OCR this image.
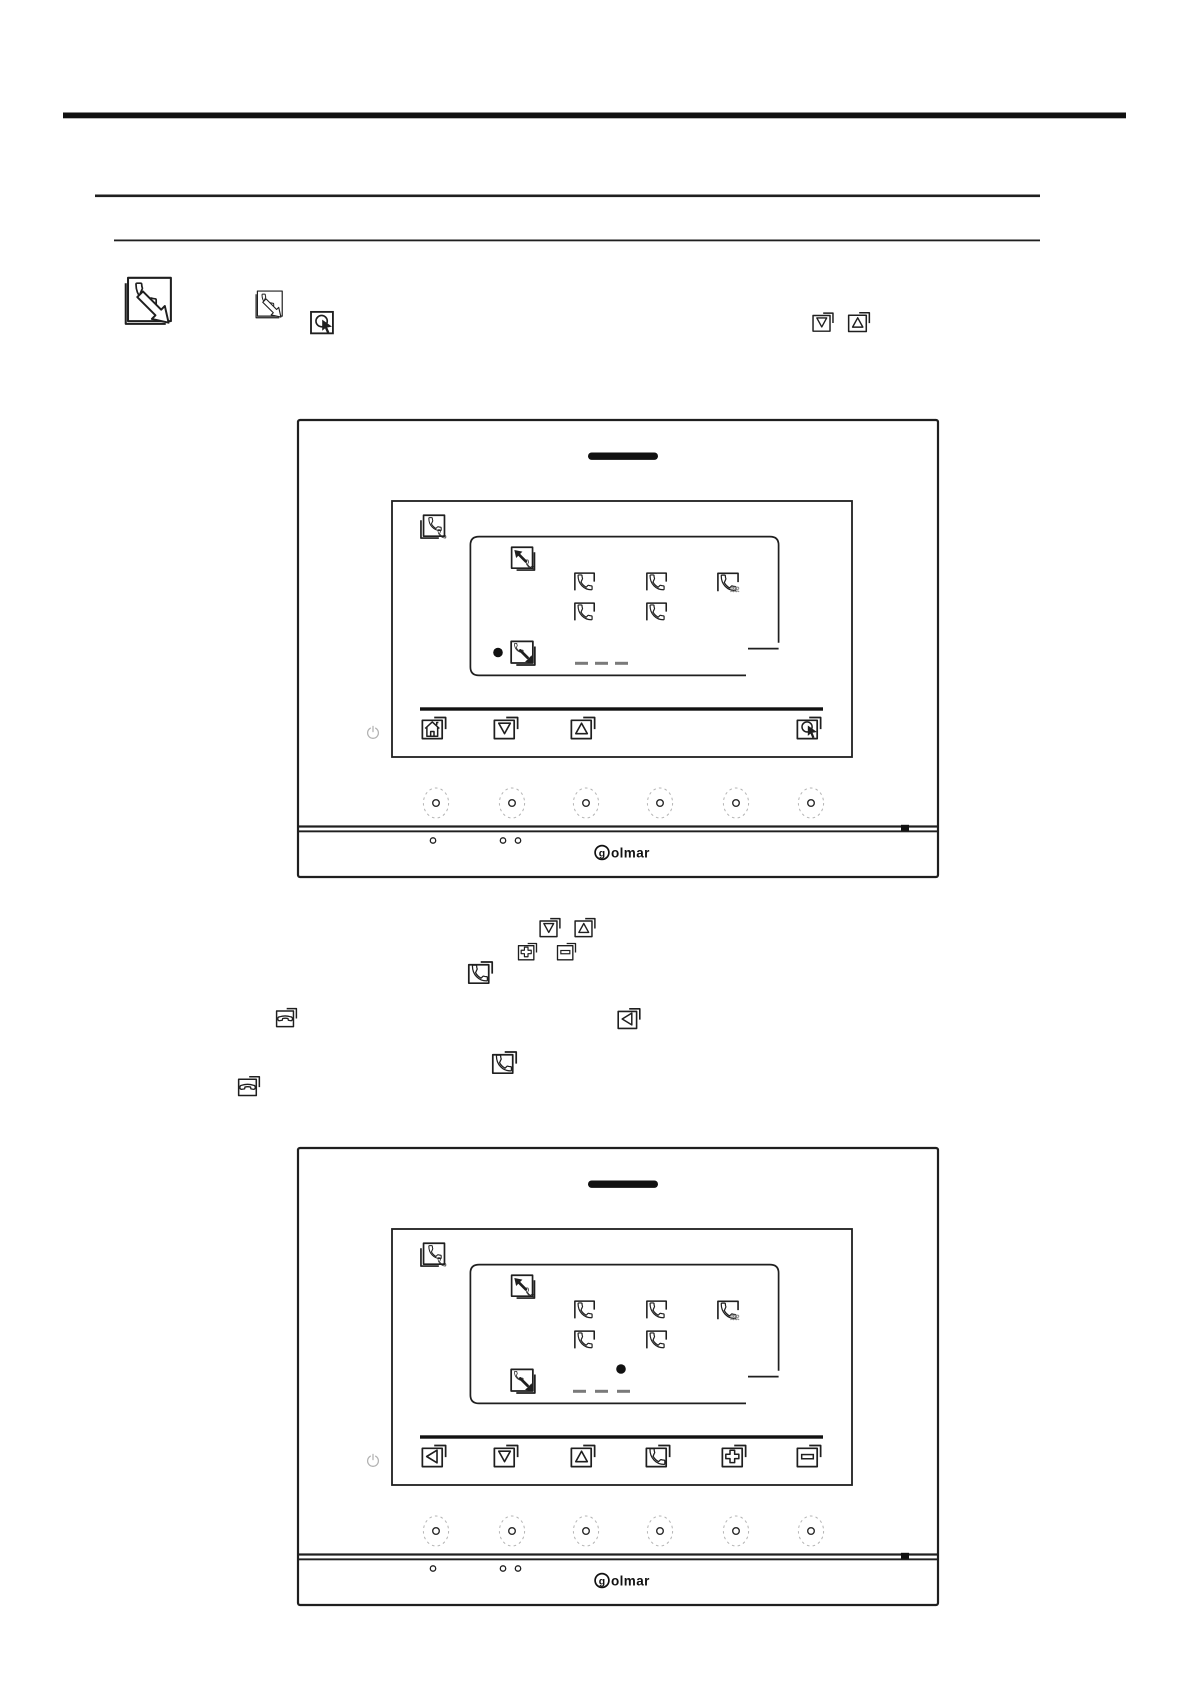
g olmar
g olmar
